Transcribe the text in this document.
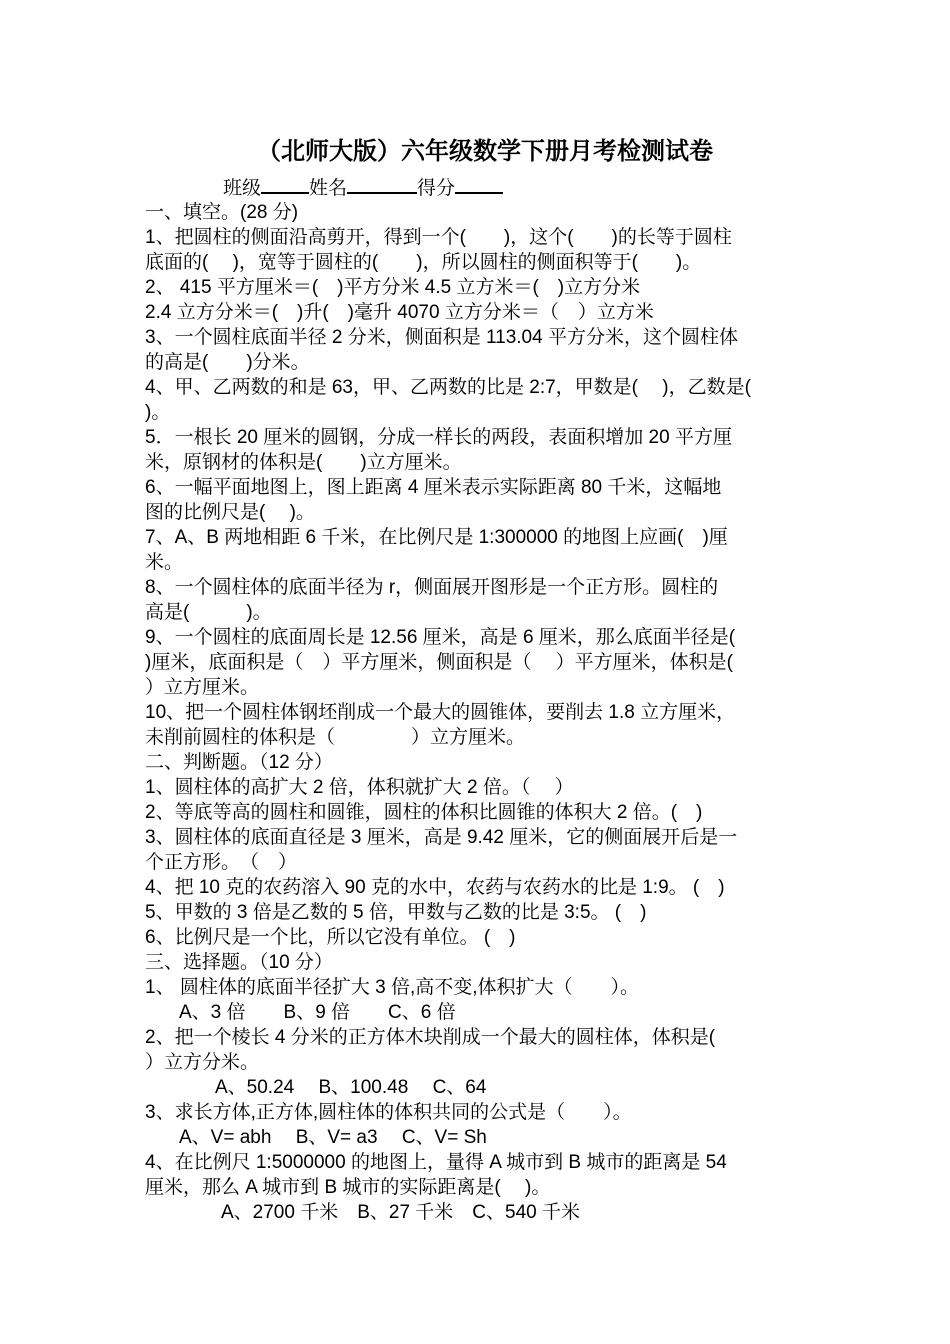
（北师大版）六年级数学下册月考检测试卷
班级	姓名	得分
一、填空。(28 分)
1、把圆柱的侧面沿高剪开，得到一个(　　)，这个(　　)的长等于圆柱
底面的(　 )，宽等于圆柱的(　　)，所以圆柱的侧面积等于(　　)。
2、 415 平方厘米＝(　)平方分米 4.5 立方米＝(　)立方分米
2.4 立方分米＝(　)升(　)毫升 4070 立方分米＝（　）立方米
3、一个圆柱底面半径 2 分米，侧面积是 113.04 平方分米，这个圆柱体
的高是(　　)分米。
4、甲、乙两数的和是 63，甲、乙两数的比是 2:7，甲数是(　 )，乙数是(
)。
5．一根长 20 厘米的圆钢，分成一样长的两段，表面积增加 20 平方厘
米，原钢材的体积是(　　)立方厘米。
6、一幅平面地图上，图上距离 4 厘米表示实际距离 80 千米，这幅地
图的比例尺是(　 )。
7、A、B 两地相距 6 千米，在比例尺是 1:300000 的地图上应画(　)厘
米。
8、一个圆柱体的底面半径为 r，侧面展开图形是一个正方形。圆柱的
高是(　　　)。
9、一个圆柱的底面周长是 12.56 厘米，高是 6 厘米，那么底面半径是(
)厘米，底面积是（　）平方厘米，侧面积是（　 ）平方厘米，体积是(
）立方厘米。
10、把一个圆柱体钢坯削成一个最大的圆锥体，要削去 1.8 立方厘米，
未削前圆柱的体积是（　　　　）立方厘米。
二、判断题。（12 分）
1、圆柱体的高扩大 2 倍，体积就扩大 2 倍。（　 ）
2、等底等高的圆柱和圆锥，圆柱的体积比圆锥的体积大 2 倍。(　)
3、圆柱体的底面直径是 3 厘米，高是 9.42 厘米，它的侧面展开后是一
个正方形。　（　）
4、把 10 克的农药溶入 90 克的水中，农药与农药水的比是 1:9。 (　)
5、甲数的 3 倍是乙数的 5 倍，甲数与乙数的比是 3:5。 (　)
6、比例尺是一个比，所以它没有单位。 (　)
三、选择题。（10 分）
1、 圆柱体的底面半径扩大 3 倍,高不变,体积扩大（　　）。
A、3 倍　　B、9 倍　　C、6 倍
2、把一个棱长 4 分米的正方体木块削成一个最大的圆柱体，体积是(
）立方分米。
A、50.24　 B、100.48　 C、64
3、求长方体,正方体,圆柱体的体积共同的公式是（　　）。
A、V= abh　 B、V= a3　 C、V= Sh
4、在比例尺 1:5000000 的地图上，量得 A 城市到 B 城市的距离是 54
厘米，那么 A 城市到 B 城市的实际距离是(　 )。
A、2700 千米　B、27 千米　C、540 千米
